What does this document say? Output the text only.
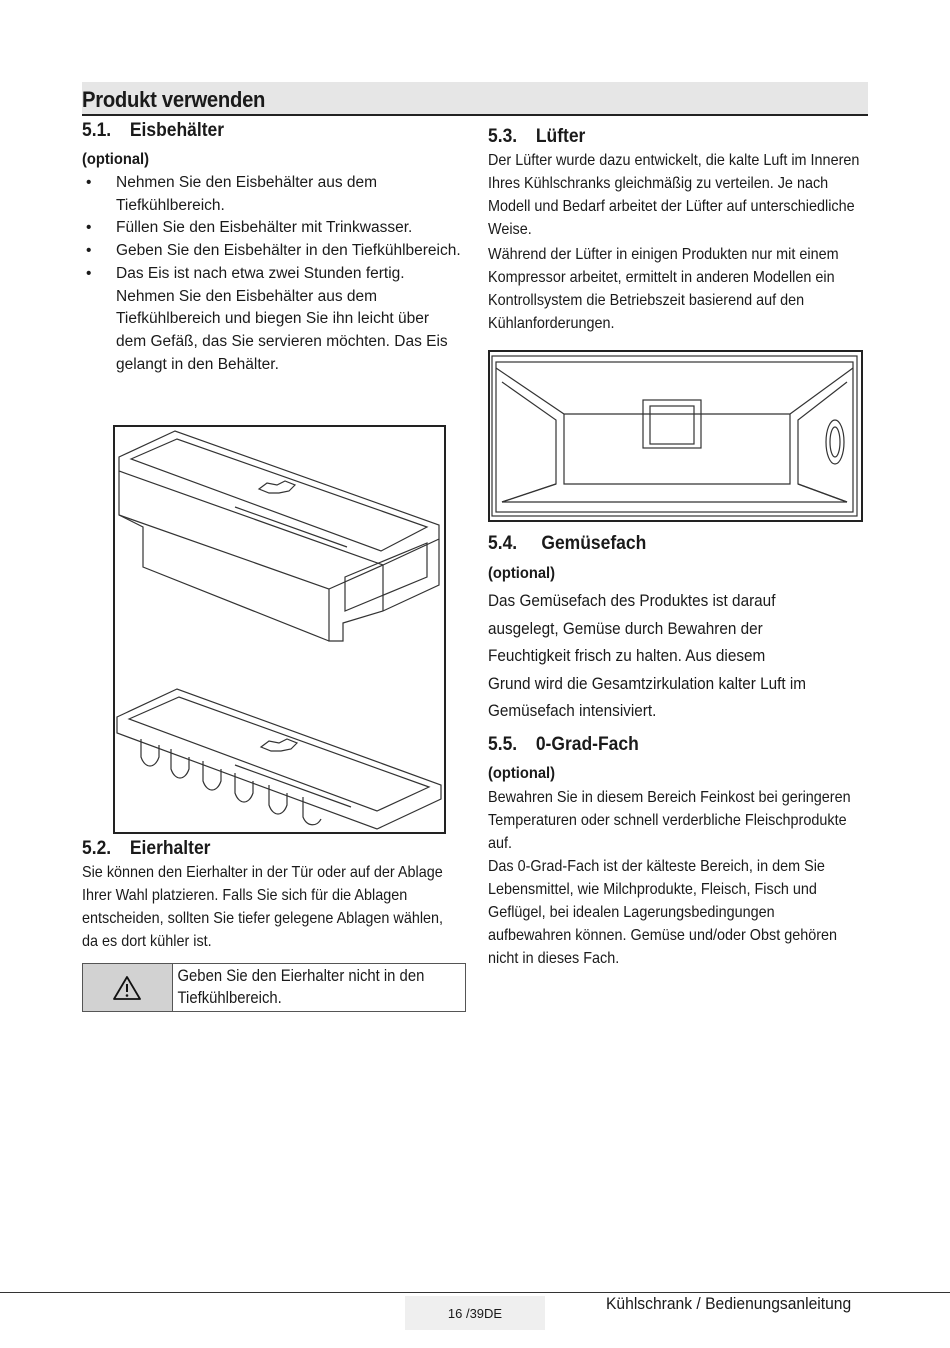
Produkt verwenden
5.1. Eisbehälter
(optional)
• Nehmen Sie den Eisbehälter aus dem Tiefkühlbereich.
• Füllen Sie den Eisbehälter mit Trinkwasser.
• Geben Sie den Eisbehälter in den Tiefkühlbereich.
• Das Eis ist nach etwa zwei Stunden fertig. Nehmen Sie den Eisbehälter aus dem Tiefkühlbereich und biegen Sie ihn leicht über dem Gefäß, das Sie servieren möchten. Das Eis gelangt in den Behälter.
5.2. Eierhalter
Sie können den Eierhalter in der Tür oder auf der Ablage Ihrer Wahl platzieren. Falls Sie sich für die Ablagen entscheiden, sollten Sie tiefer gelegene Ablagen wählen, da es dort kühler ist.
Geben Sie den Eierhalter nicht in den Tiefkühlbereich.
5.3. Lüfter
Der Lüfter wurde dazu entwickelt, die kalte Luft im Inneren Ihres Kühlschranks gleichmäßig zu verteilen. Je nach Modell und Bedarf arbeitet der Lüfter auf unterschiedliche Weise.
Während der Lüfter in einigen Produkten nur mit einem Kompressor arbeitet, ermittelt in anderen Modellen ein Kontrollsystem die Betriebszeit basierend auf den Kühlanforderungen.
5.4. Gemüsefach
(optional)

Das Gemüsefach des Produktes ist darauf

ausgelegt, Gemüse durch Bewahren der

Feuchtigkeit frisch zu halten. Aus diesem

Grund wird die Gesamtzirkulation kalter Luft im

Gemüsefach intensiviert.

5.5. 0-Grad-Fach
(optional)
Bewahren Sie in diesem Bereich Feinkost bei geringeren Temperaturen oder schnell verderbliche Fleischprodukte auf.
Das 0-Grad-Fach ist der kälteste Bereich, in dem Sie Lebensmittel, wie Milchprodukte, Fleisch, Fisch und Geflügel, bei idealen Lagerungsbedingungen aufbewahren können. Gemüse und/oder Obst gehören nicht in dieses Fach.
16 /39DE	Kühlschrank / Bedienungsanleitung
